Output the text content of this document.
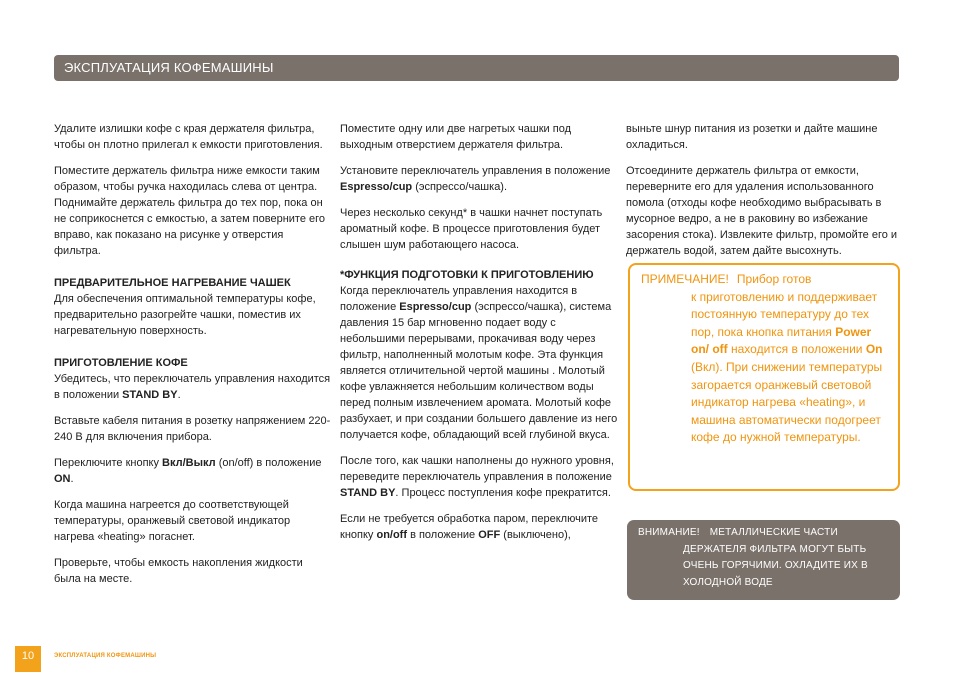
ЭКСПЛУАТАЦИЯ КОФЕМАШИНЫ

Удалите излишки кофе с края держателя фильтра, чтобы он плотно прилегал к емкости приготовления.

Поместите держатель фильтра ниже емкости таким образом, чтобы ручка находилась слева от центра. Поднимайте держатель фильтра до тех пор, пока он не соприкоснется с емкостью, а затем поверните его вправо, как показано на рисунке у отверстия фильтра.

ПРЕДВАРИТЕЛЬНОЕ НАГРЕВАНИЕ ЧАШЕК

Для обеспечения оптимальной температуры кофе, предварительно разогрейте чашки, поместив их нагревательную поверхность.

ПРИГОТОВЛЕНИЕ КОФЕ

Убедитесь, что переключатель управления находится в положении STAND BY.

Вставьте кабеля питания в розетку напряжением 220-240 В для включения прибора.

Переключите кнопку Вкл/Выкл (on/off) в положение ON.

Когда машина нагреется до соответствующей температуры, оранжевый световой индикатор нагрева «heating» погаснет.

Проверьте, чтобы емкость накопления жидкости была на месте.

Поместите одну или две нагретых чашки под выходным отверстием держателя фильтра.

Установите переключатель управления в положение Espresso/cup (эспрессо/чашка).

Через несколько секунд* в чашки начнет поступать ароматный кофе. В процессе приготовления будет слышен шум работающего насоса.

*ФУНКЦИЯ ПОДГОТОВКИ К ПРИГОТОВЛЕНИЮ

Когда переключатель управления находится в положение Espresso/cup (эспрессо/чашка), система давления 15 бар мгновенно подает воду с небольшими перерывами, прокачивая воду через фильтр, наполненный молотым кофе. Эта функция является отличительной чертой машины . Молотый кофе увлажняется небольшим количеством воды перед полным извлечением аромата. Молотый кофе разбухает, и при создании большего давление из него получается кофе, обладающий всей глубиной вкуса.

После того, как чашки наполнены до нужного уровня, переведите переключатель управления в положение STAND BY. Процесс поступления кофе прекратится.

Если не требуется обработка паром, переключите кнопку on/off в положение OFF (выключено),

выньте шнур питания из розетки и дайте машине охладиться.

Отсоедините держатель фильтра от емкости, переверните его для удаления использованного помола (отходы кофе необходимо выбрасывать в мусорное ведро, а не в раковину во избежание засорения стока). Извлеките фильтр, промойте его и держатель водой, затем дайте высохнуть.

ПРИМЕЧАНИЕ! Прибор готов
к приготовлению и поддерживает постоянную температуру до тех пор, пока кнопка питания Power on/ off находится в положении On (Вкл). При снижении температуры загорается оранжевый световой индикатор нагрева «heating», и машина автоматически подогреет кофе до нужной температуры.
ВНИМАНИЕ! МЕТАЛЛИЧЕСКИЕ ЧАСТИ
ДЕРЖАТЕЛЯ ФИЛЬТРА МОГУТ БЫТЬ ОЧЕНЬ ГОРЯЧИМИ. ОХЛАДИТЕ ИХ В ХОЛОДНОЙ ВОДЕ
10	ЭКСПЛУАТАЦИЯ КОФЕМАШИНЫ
